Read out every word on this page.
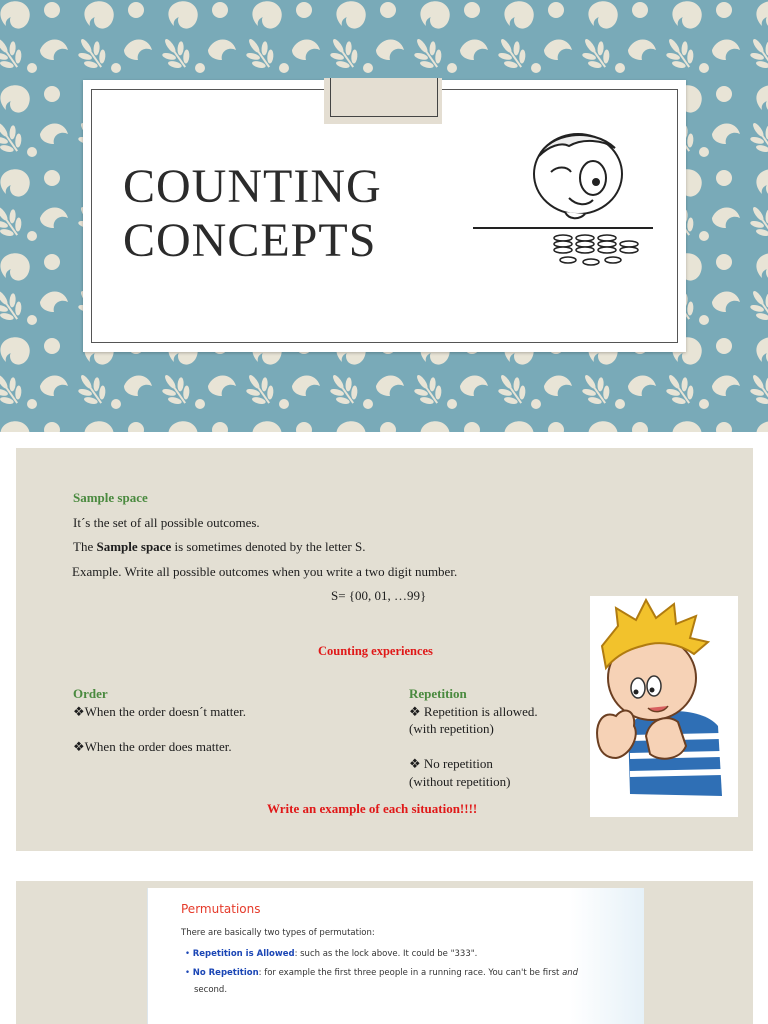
COUNTING
CONCEPTS
Sample space
It´s the set of all possible outcomes.
The Sample space is sometimes denoted by the letter S.
Example. Write all possible outcomes when you write a two digit number.
S= {00, 01, …99}
Counting experiences
Order
❖When the order doesn´t matter.
❖When the order does matter.
Repetition
❖ Repetition is allowed.
(with repetition)
❖ No repetition
(without repetition)
Write an example of each situation!!!!
Permutations
There are basically two types of permutation:
• Repetition is Allowed: such as the lock above. It could be "333".
• No Repetition: for example the first three people in a running race. You can't be first and
second.
